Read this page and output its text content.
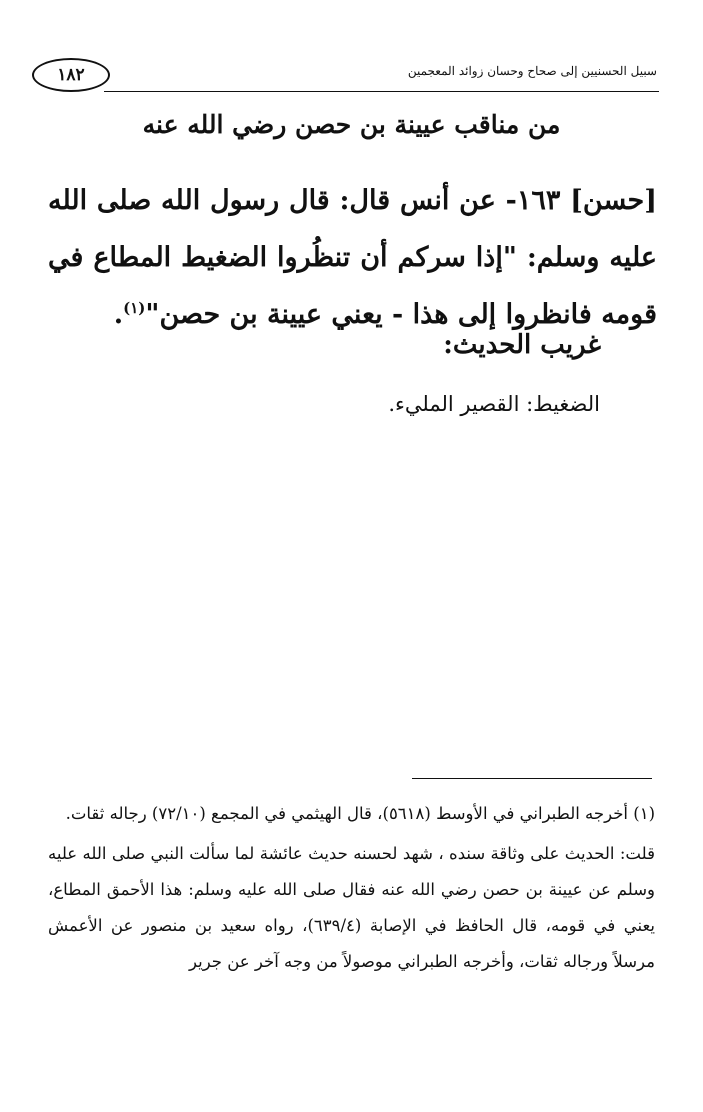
١٨٢	سبيل الحسنيين إلى صحاح وحسان زوائد المعجمين
من مناقب عيينة بن حصن رضي الله عنه
[حسن] ١٦٣- عن أنس قال: قال رسول الله صلى الله عليه وسلم: "إذا سركم أن تنظُروا الضغيط المطاع في قومه فانظروا إلى هذا - يعني عيينة بن حصن"$^{(١)}$.
غريب الحديث:
الضغيط: القصير المليء.

(١) أخرجه الطبراني في الأوسط (٥٦١٨)، قال الهيثمي في المجمع (٧٢/١٠) رجاله ثقات.

قلت: الحديث على وثاقة سنده ، شهد لحسنه حديث عائشة لما سألت النبي صلى الله عليه وسلم عن عيينة بن حصن رضي الله عنه فقال صلى الله عليه وسلم: هذا الأحمق المطاع، يعني في قومه، قال الحافظ في الإصابة (٦٣٩/٤)، رواه سعيد بن منصور عن الأعمش مرسلاً ورجاله ثقات، وأخرجه الطبراني موصولاً من وجه آخر عن جرير
